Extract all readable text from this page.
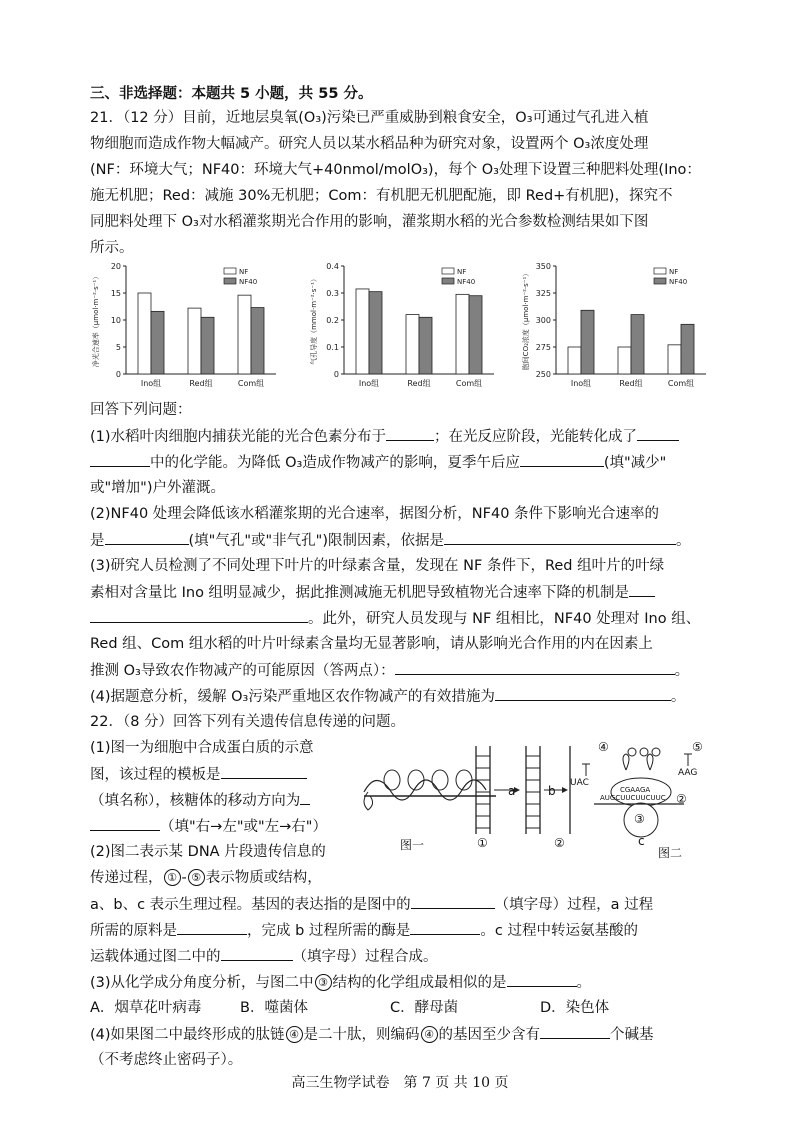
三、非选择题：本题共 5 小题，共 55 分。
21．（12 分）目前，近地层臭氧(O₃)污染已严重威胁到粮食安全，O₃可通过气孔进入植
物细胞而造成作物大幅减产。研究人员以某水稻品种为研究对象，设置两个 O₃浓度处理
(NF：环境大气；NF40：环境大气+40nmol/molO₃)，每个 O₃处理下设置三种肥料处理(Ino：
施无机肥；Red：减施 30%无机肥；Com：有机肥无机肥配施，即 Red+有机肥)，探究不
同肥料处理下 O₃对水稻灌浆期光合作用的影响，灌浆期水稻的光合参数检测结果如下图
所示。
0
5
10
15
20
净光合速率（μmol·m⁻²·s⁻¹）
Ino组	Red组	Com组
NF
NF40
0
0.1
0.2
0.3
0.4
气孔导度（mmol·m⁻²·s⁻¹）
Ino组	Red组	Com组
NF
NF40
250
275
300
325
350
胞间CO₂浓度（μmol·m⁻²·s⁻¹）
Ino组	Red组	Com组
NF
NF40
回答下列问题：
(1)水稻叶肉细胞内捕获光能的光合色素分布于	；在光反应阶段，光能转化成了
中的化学能。为降低 O₃造成作物减产的影响，夏季午后应	(填"减少"
或"增加")户外灌溉。
(2)NF40 处理会降低该水稻灌浆期的光合速率，据图分析，NF40 条件下影响光合速率的
是	(填"气孔"或"非气孔")限制因素，依据是	。
(3)研究人员检测了不同处理下叶片的叶绿素含量，发现在 NF 条件下，Red 组叶片的叶绿
素相对含量比 Ino 组明显减少，据此推测减施无机肥导致植物光合速率下降的机制是
。此外，研究人员发现与 NF 组相比，NF40 处理对 Ino 组、
Red 组、Com 组水稻的叶片叶绿素含量均无显著影响，请从影响光合作用的内在因素上
推测 O₃导致农作物减产的可能原因（答两点）：	。
(4)据题意分析，缓解 O₃污染严重地区农作物减产的有效措施为	。
22．（8 分）回答下列有关遗传信息传递的问题。
(1)图一为细胞中合成蛋白质的示意
图，该过程的模板是
（填名称），核糖体的移动方向为
（填"右→左"或"左→右"）
(2)图二表示某 DNA 片段遗传信息的
传递过程， ① - ⑤ 表示物质或结构，
a	b
c
UAC
AAG
CGAAGA
AUGCUUCUUCUUC
④	⑤
③
②
①	②
图一
图二
a、b、c 表示生理过程。基因的表达指的是图中的	（填字母）过程，a 过程
所需的原料是	，完成 b 过程所需的酶是	。c 过程中转运氨基酸的
运载体通过图二中的	（填字母）过程合成。
(3)从化学成分角度分析，与图二中 ③ 结构的化学组成最相似的是	。
A．烟草花叶病毒	B．噬菌体	C．酵母菌	D．染色体
(4)如果图二中最终形成的肽链 ④ 是二十肽，则编码 ④ 的基因至少含有	个碱基
（不考虑终止密码子）。
高三生物学试卷　第 7 页 共 10 页
